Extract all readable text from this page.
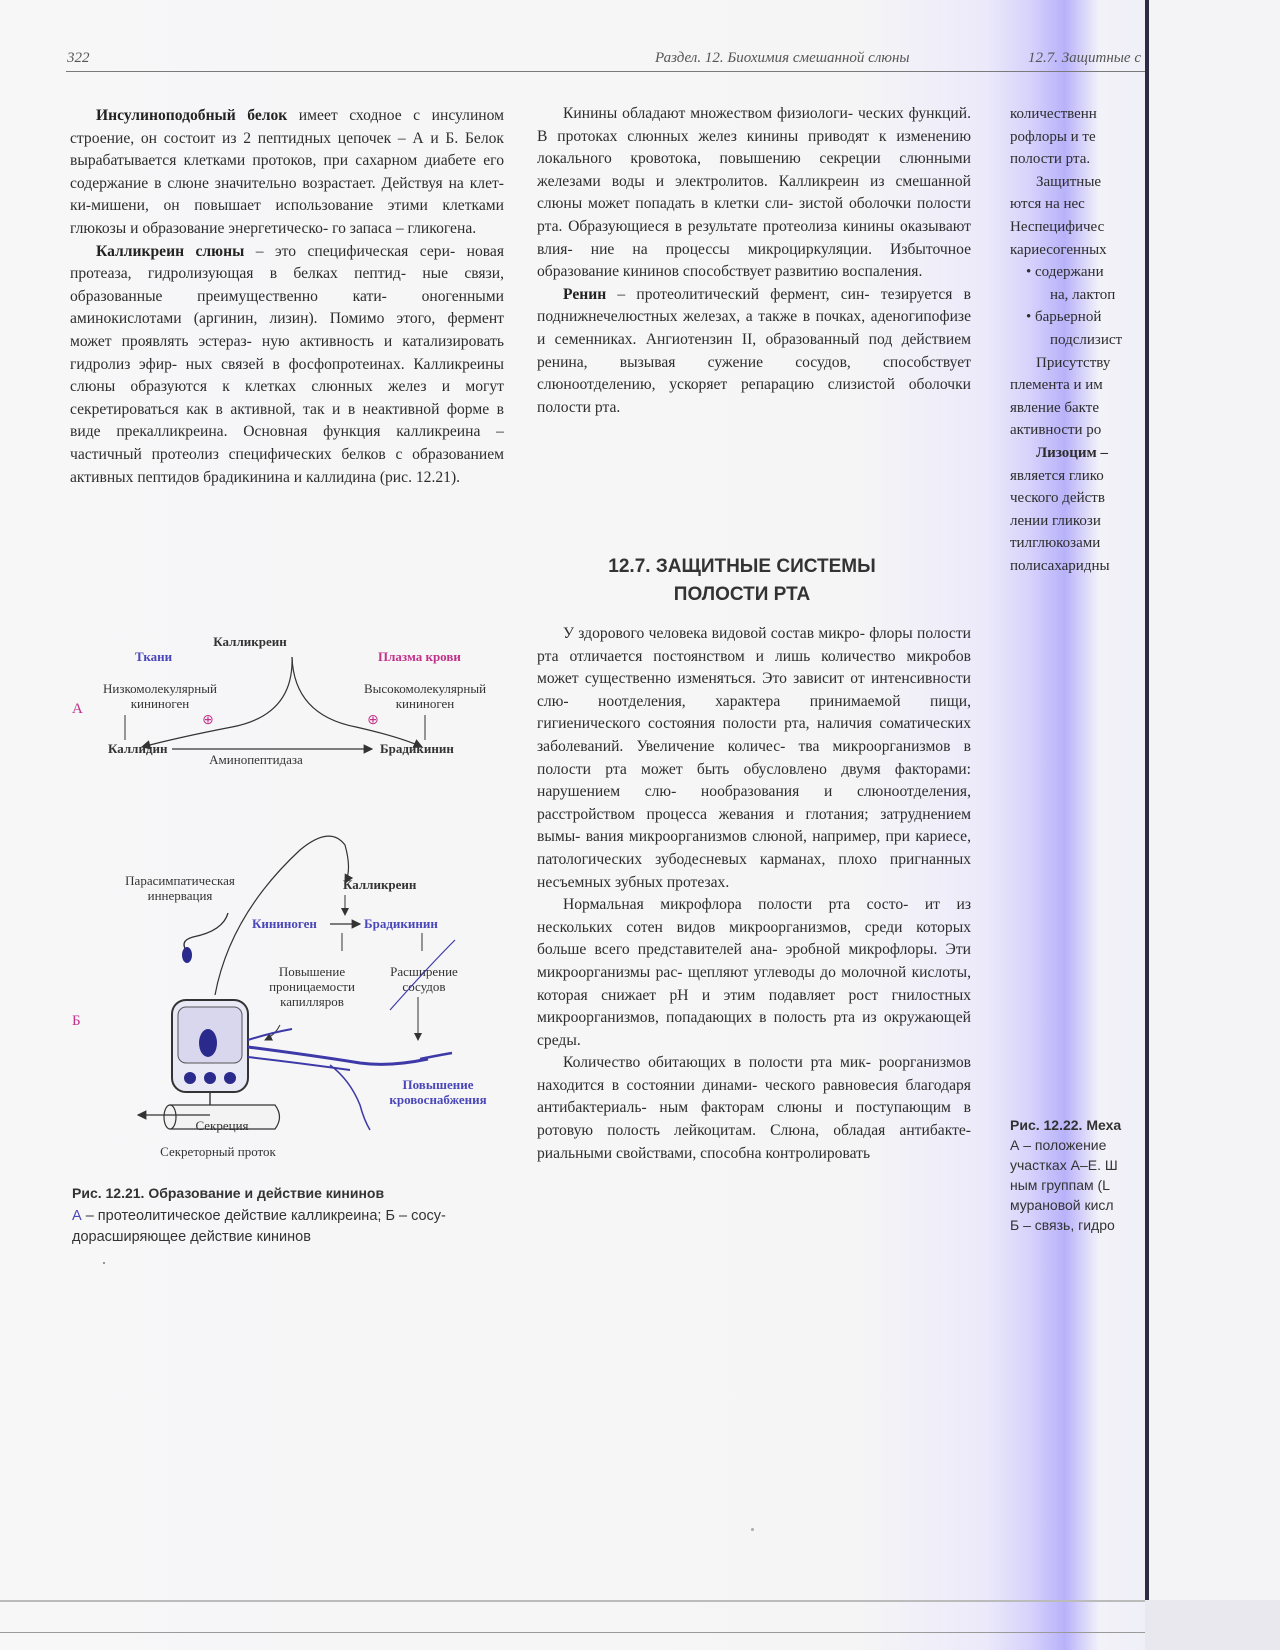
322	Раздел. 12. Биохимия смешанной слюны	12.7. Защитные с

Инсулиноподобный белок имеет сходное с инсулином строение, он состоит из 2 пептидных цепочек – А и Б. Белок вырабатывается клетками протоков, при сахарном диабете его содержание в слюне значительно возрастает. Действуя на клет- ки-мишени, он повышает использование этими клетками глюкозы и образование энергетическо- го запаса – гликогена.

Калликреин слюны – это специфическая сери- новая протеаза, гидролизующая в белках пептид- ные связи, образованные преимущественно кати- оногенными аминокислотами (аргинин, лизин). Помимо этого, фермент может проявлять эстераз- ную активность и катализировать гидролиз эфир- ных связей в фосфопротеинах. Калликреины слюны образуются к клетках слюнных желез и могут секретироваться как в активной, так и в неактивной форме в виде прекалликреина. Основная функция калликреина – частичный протеолиз специфических белков с образованием активных пептидов брадикинина и каллидина (рис. 12.21).

А
Калликреин
Ткани	Плазма крови
Низкомолекулярный
кининоген
Высокомолекулярный
кининоген
⊕	⊕
Каллидин
Аминопептидаза
Брадикинин
Б
Парасимпатическая
иннервация
Калликреин
Кининоген	Брадикинин
Повышение
проницаемости
капилляров
Расширение
сосудов
Повышение
кровоснабжения
Секреция
Секреторный проток
Рис. 12.21. Образование и действие кининов
А – протеолитическое действие калликреина; Б – сосу-
дорасширяющее действие кининов

Кинины обладают множеством физиологи- ческих функций. В протоках слюнных желез кинины приводят к изменению локального кровотока, повышению секреции слюнными железами воды и электролитов. Калликреин из смешанной слюны может попадать в клетки сли- зистой оболочки полости рта. Образующиеся в результате протеолиза кинины оказывают влия- ние на процессы микроциркуляции. Избыточное образование кининов способствует развитию воспаления.

Ренин – протеолитический фермент, син- тезируется в поднижнечелюстных железах, а также в почках, аденогипофизе и семенниках. Ангиотензин II, образованный под действием ренина, вызывая сужение сосудов, способствует слюноотделению, ускоряет репарацию слизистой оболочки полости рта.

12.7. ЗАЩИТНЫЕ СИСТЕМЫ
ПОЛОСТИ РТА

У здорового человека видовой состав микро- флоры полости рта отличается постоянством и лишь количество микробов может существенно изменяться. Это зависит от интенсивности слю- ноотделения, характера принимаемой пищи, гигиенического состояния полости рта, наличия соматических заболеваний. Увеличение количес- тва микроорганизмов в полости рта может быть обусловлено двумя факторами: нарушением слю- нообразования и слюноотделения, расстройством процесса жевания и глотания; затруднением вымы- вания микроорганизмов слюной, например, при кариесе, патологических зубодесневых карманах, плохо пригнанных несъемных зубных протезах.

Нормальная микрофлора полости рта состо- ит из нескольких сотен видов микроорганизмов, среди которых больше всего представителей ана- эробной микрофлоры. Эти микроорганизмы рас- щепляют углеводы до молочной кислоты, которая снижает pH и этим подавляет рост гнилостных микроорганизмов, попадающих в полость рта из окружающей среды.

Количество обитающих в полости рта мик- роорганизмов находится в состоянии динами- ческого равновесия благодаря антибактериаль- ным факторам слюны и поступающим в ротовую полость лейкоцитам. Слюна, обладая антибакте- риальными свойствами, способна контролировать

количественн

рофлоры и те

полости рта.

Защитные

ются на неc

Неспецифичес

кариесогенных

• содержани

на, лактоп

• барьерной

подслизист

Присутству

племента и им

явление бакте

активности ро

Лизоцим –

является глико

ческого действ

лении гликози

тилглюкозами

полисахаридны

Рис. 12.22. Меха
А – положение
участках А–Е. Ш
ным группам (L
мурановой кисл
Б – связь, гидро
